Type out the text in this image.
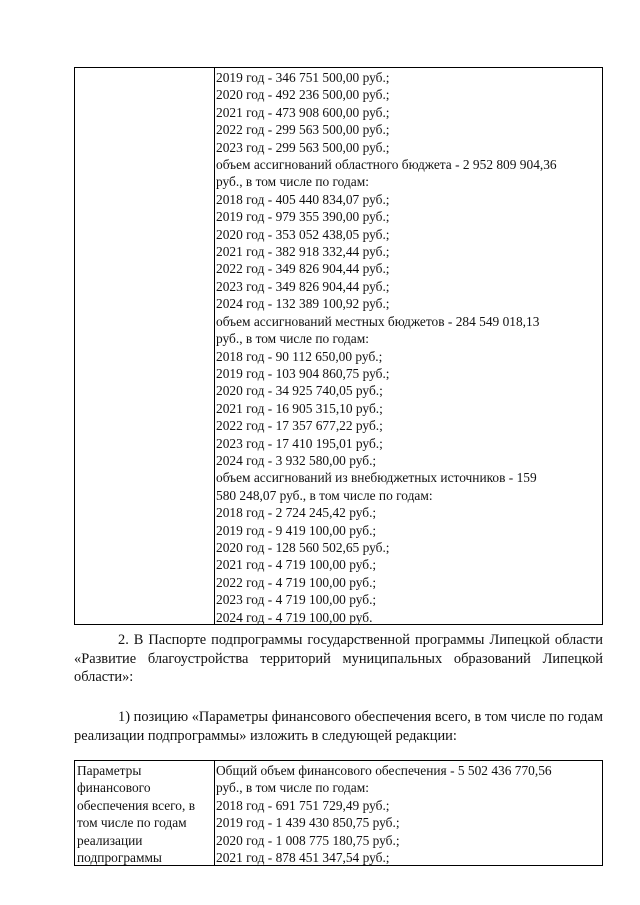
2019 год - 346 751 500,00 руб.;
2020 год - 492 236 500,00 руб.;
2021 год - 473 908 600,00 руб.;
2022 год - 299 563 500,00 руб.;
2023 год - 299 563 500,00 руб.;
объем ассигнований областного бюджета - 2 952 809 904,36
руб., в том числе по годам:
2018 год - 405 440 834,07 руб.;
2019 год - 979 355 390,00 руб.;
2020 год - 353 052 438,05 руб.;
2021 год - 382 918 332,44 руб.;
2022 год - 349 826 904,44 руб.;
2023 год - 349 826 904,44 руб.;
2024 год - 132 389 100,92 руб.;
объем ассигнований местных бюджетов - 284 549 018,13
руб., в том числе по годам:
2018 год - 90 112 650,00 руб.;
2019 год - 103 904 860,75 руб.;
2020 год - 34 925 740,05 руб.;
2021 год - 16 905 315,10 руб.;
2022 год - 17 357 677,22 руб.;
2023 год - 17 410 195,01 руб.;
2024 год - 3 932 580,00 руб.;
объем ассигнований из внебюджетных источников - 159
580 248,07 руб., в том числе по годам:
2018 год - 2 724 245,42 руб.;
2019 год - 9 419 100,00 руб.;
2020 год - 128 560 502,65 руб.;
2021 год - 4 719 100,00 руб.;
2022 год - 4 719 100,00 руб.;
2023 год - 4 719 100,00 руб.;
2024 год - 4 719 100,00 руб.
2. В Паспорте подпрограммы государственной программы Липецкой области «Развитие благоустройства территорий муниципальных образований Липецкой области»:
1) позицию «Параметры финансового обеспечения всего, в том числе по годам реализации подпрограммы» изложить в следующей редакции:
Параметры
финансового
обеспечения всего, в
том числе по годам
реализации
подпрограммы
Общий объем финансового обеспечения - 5 502 436 770,56
руб., в том числе по годам:
2018 год - 691 751 729,49 руб.;
2019 год - 1 439 430 850,75 руб.;
2020 год - 1 008 775 180,75 руб.;
2021 год - 878 451 347,54 руб.;
